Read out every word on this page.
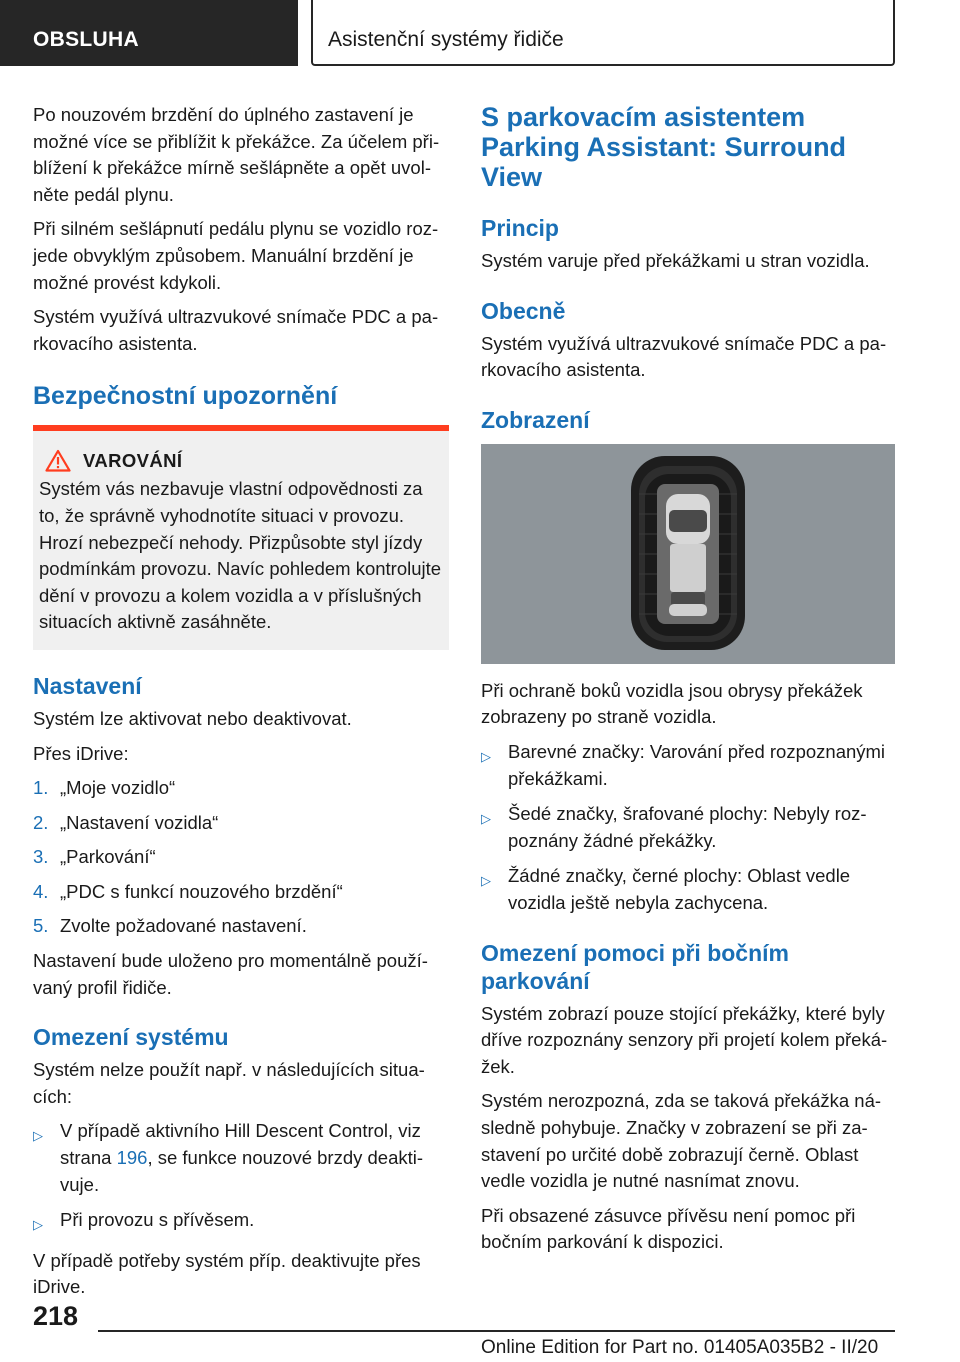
OBSLUHA	Asistenční systémy řidiče

Po nouzovém brzdění do úplného zastavení je možné více se přiblížit k překážce. Za účelem přiblížení k překážce mírně sešlápněte a opět uvolněte pedál plynu.

Při silném sešlápnutí pedálu plynu se vozidlo rozjede obvyklým způsobem. Manuální brzdění je možné provést kdykoli.

Systém využívá ultrazvukové snímače PDC a parkovacího asistenta.

Bezpečnostní upozornění
VAROVÁNÍ

Systém vás nezbavuje vlastní odpovědnosti za to, že správně vyhodnotíte situaci v provozu. Hrozí nebezpečí nehody. Přizpůsobte styl jízdy podmínkám provozu. Navíc pohledem kontrolujte dění v provozu a kolem vozidla a v příslušných situacích aktivně zasáhněte.

Nastavení

Systém lze aktivovat nebo deaktivovat.

Přes iDrive:

1. „Moje vozidlo“
2. „Nastavení vozidla“
3. „Parkování“
4. „PDC s funkcí nouzového brzdění“
5. Zvolte požadované nastavení.

Nastavení bude uloženo pro momentálně používaný profil řidiče.

Omezení systému

Systém nelze použít např. v následujících situacích:

▷ V případě aktivního Hill Descent Control, viz strana 196, se funkce nouzové brzdy deaktivuje.
▷ Při provozu s přívěsem.

V případě potřeby systém příp. deaktivujte přes iDrive.

S parkovacím asistentem Parking Assistant: Surround View
Princip

Systém varuje před překážkami u stran vozidla.

Obecně

Systém využívá ultrazvukové snímače PDC a parkovacího asistenta.

Zobrazení

Při ochraně boků vozidla jsou obrysy překážek zobrazeny po straně vozidla.

▷ Barevné značky: Varování před rozpoznanými překážkami.
▷ Šedé značky, šrafované plochy: Nebyly rozpoznány žádné překážky.
▷ Žádné značky, černé plochy: Oblast vedle vozidla ještě nebyla zachycena.
Omezení pomoci při bočním parkování

Systém zobrazí pouze stojící překážky, které byly dříve rozpoznány senzory při projetí kolem překážek.

Systém nerozpozná, zda se taková překážka následně pohybuje. Značky v zobrazení se při zastavení po určité době zobrazují černě. Oblast vedle vozidla je nutné nasnímat znovu.

Při obsazené zásuvce přívěsu není pomoc při bočním parkování k dispozici.

218
Online Edition for Part no. 01405A035B2 - II/20
